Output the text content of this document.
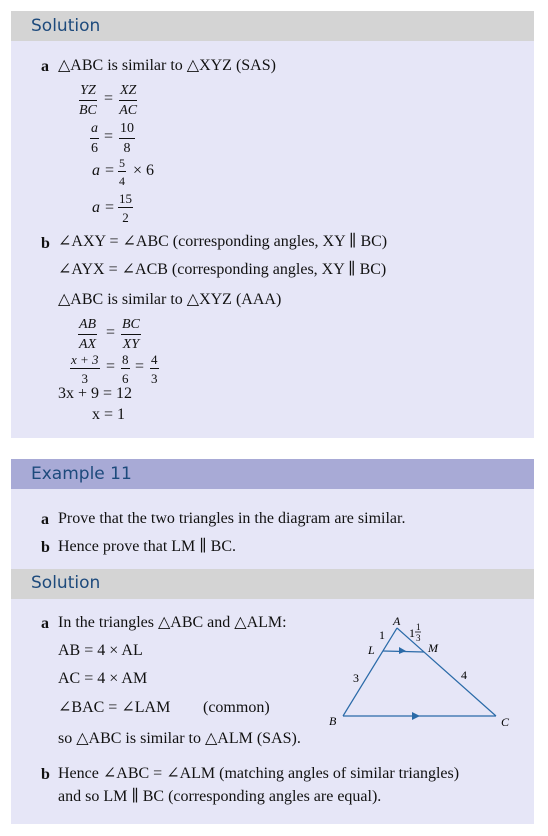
Solution
a △ABC is similar to △XYZ (SAS)
$\frac{YZ}{BC} = \frac{XZ}{AC}$
$\frac{a}{6} = \frac{10}{8}$
$a = \frac{5}{4} \times 6$
$a = \frac{15}{2}$
b ∠AXY = ∠ABC (corresponding angles, XY ∥ BC)
∠AYX = ∠ACB (corresponding angles, XY ∥ BC)
△ABC is similar to △XYZ (AAA)
$\frac{AB}{AX} = \frac{BC}{XY}$
$\frac{x + 3}{3} = \frac{8}{6} = \frac{4}{3}$
3x + 9 = 12
x = 1
Example 11
a Prove that the two triangles in the diagram are similar.
b Hence prove that LM ∥ BC.
Solution
a In the triangles △ABC and △ALM:
AB = 4 × AL
AC = 4 × AM
∠BAC = ∠LAM (common)
so △ABC is similar to △ALM (SAS).
b Hence ∠ABC = ∠ALM (matching angles of similar triangles)
and so LM ∥ BC (corresponding angles are equal).
A
B	C
L	M
1
3	4
1 1
3
